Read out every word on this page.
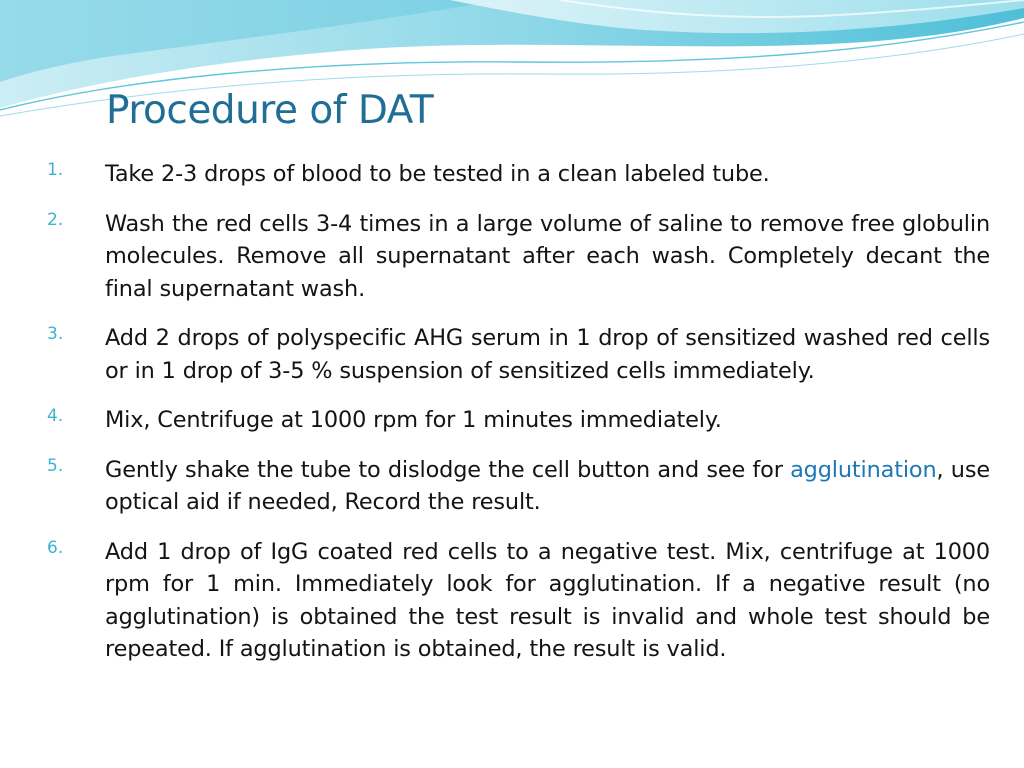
Procedure of DAT
1. Take 2-3 drops of blood to be tested in a clean labeled tube.
2. Wash the red cells 3-4 times in a large volume of saline to remove free globulin molecules. Remove all supernatant after each wash. Completely decant the final supernatant wash.
3. Add 2 drops of polyspecific AHG serum in 1 drop of sensitized washed red cells or in 1 drop of 3-5 % suspension of sensitized cells immediately.
4. Mix, Centrifuge at 1000 rpm for 1 minutes immediately.
5. Gently shake the tube to dislodge the cell button and see for agglutination, use optical aid if needed, Record the result.
6. Add 1 drop of IgG coated red cells to a negative test. Mix, centrifuge at 1000 rpm for 1 min. Immediately look for agglutination. If a negative result (no agglutination) is obtained the test result is invalid and whole test should be repeated. If agglutination is obtained, the result is valid.
